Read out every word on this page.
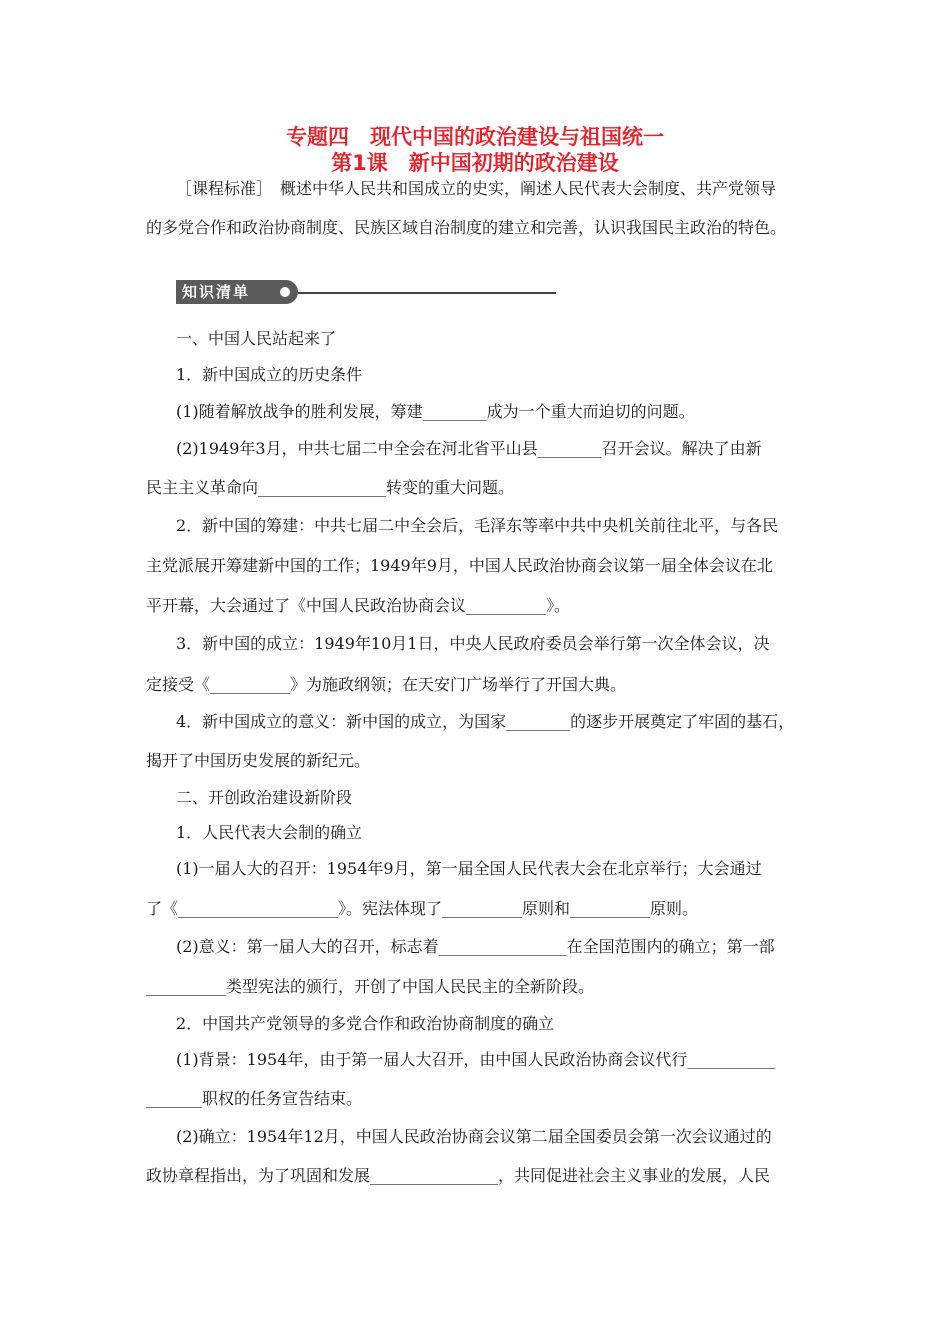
专题四　现代中国的政治建设与祖国统一
第1课　新中国初期的政治建设
［课程标准］　概述中华人民共和国成立的史实，阐述人民代表大会制度、共产党领导
的多党合作和政治协商制度、民族区域自治制度的建立和完善，认识我国民主政治的特色。
知识清单
一、中国人民站起来了
1．新中国成立的历史条件
(1)随着解放战争的胜利发展，筹建________成为一个重大而迫切的问题。
(2)1949年3月，中共七届二中全会在河北省平山县________召开会议。解决了由新
民主主义革命向________________转变的重大问题。
2．新中国的筹建：中共七届二中全会后，毛泽东等率中共中央机关前往北平，与各民
主党派展开筹建新中国的工作；1949年9月，中国人民政治协商会议第一届全体会议在北
平开幕，大会通过了《中国人民政治协商会议__________》。
3．新中国的成立：1949年10月1日，中央人民政府委员会举行第一次全体会议，决
定接受《__________》为施政纲领；在天安门广场举行了开国大典。
4．新中国成立的意义：新中国的成立，为国家________的逐步开展奠定了牢固的基石，
揭开了中国历史发展的新纪元。
二、开创政治建设新阶段
1．人民代表大会制的确立
(1)一届人大的召开：1954年9月，第一届全国人民代表大会在北京举行；大会通过
了《____________________》。宪法体现了__________原则和__________原则。
(2)意义：第一届人大的召开，标志着________________在全国范围内的确立；第一部
__________类型宪法的颁行，开创了中国人民民主的全新阶段。
2．中国共产党领导的多党合作和政治协商制度的确立
(1)背景：1954年，由于第一届人大召开，由中国人民政治协商会议代行___________
_______职权的任务宣告结束。
(2)确立：1954年12月，中国人民政治协商会议第二届全国委员会第一次会议通过的
政协章程指出，为了巩固和发展________________，共同促进社会主义事业的发展，人民
